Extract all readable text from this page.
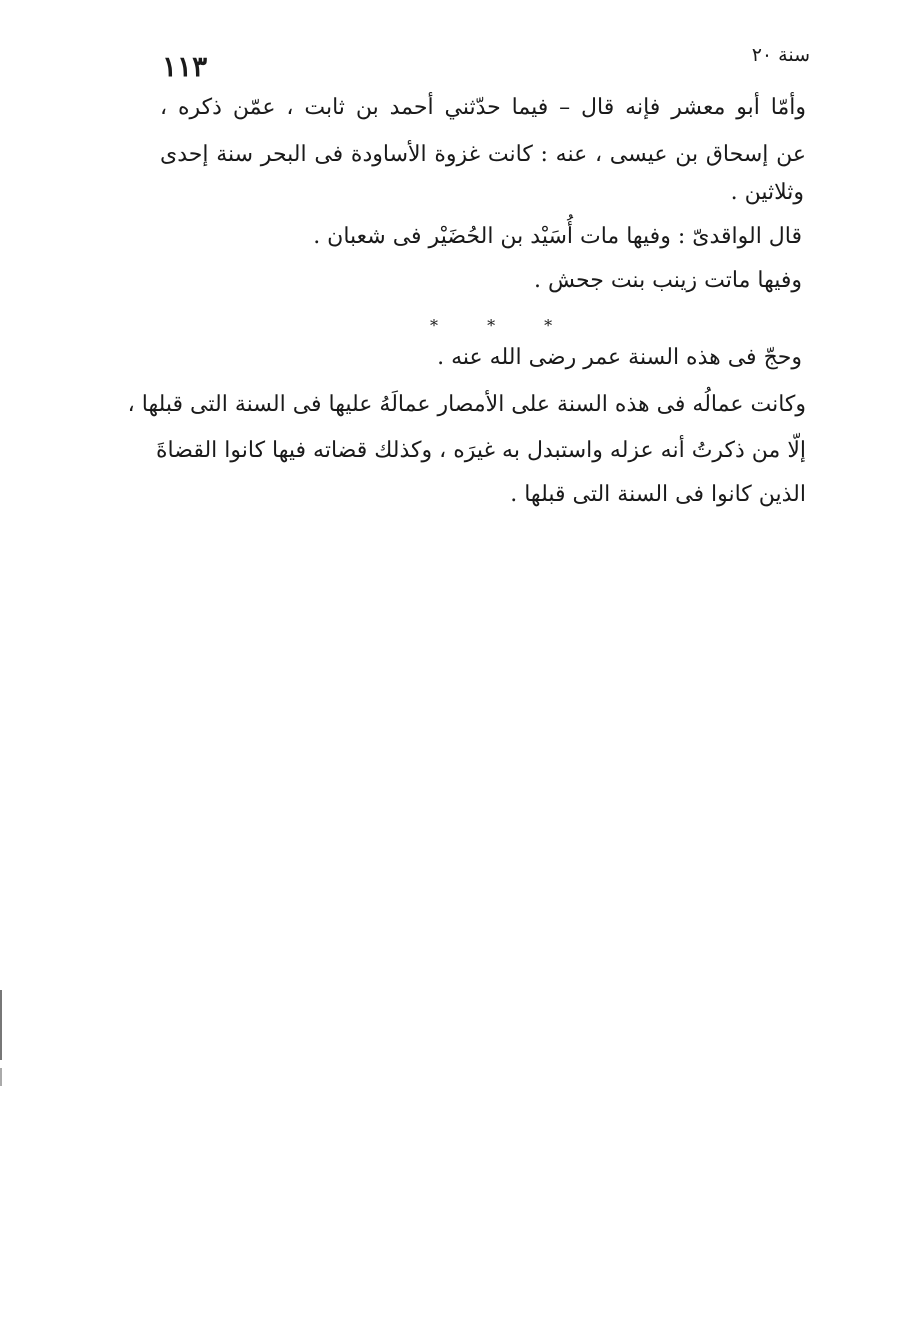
١١٣	سنة ٢٠
وأمّا أبو معشر فإنه قال – فيما حدّثني أحمد بن ثابت ، عمّن ذكره ،
عن إسحاق بن عيسى ، عنه : كانت غزوة الأساودة فى البحر سنة إحدى
وثلاثين .
قال الواقدىّ : وفيها مات أُسَيْد بن الحُضَيْر فى شعبان .
وفيها ماتت زينب بنت جحش .
* * *
وحجّ فى هذه السنة عمر رضى الله عنه .
وكانت عمالُه فى هذه السنة على الأمصار عمالَهُ عليها فى السنة التى قبلها ،
إلّا من ذكرتُ أنه عزله واستبدل به غيرَه ، وكذلك قضاته فيها كانوا القضاةَ
الذين كانوا فى السنة التى قبلها .
